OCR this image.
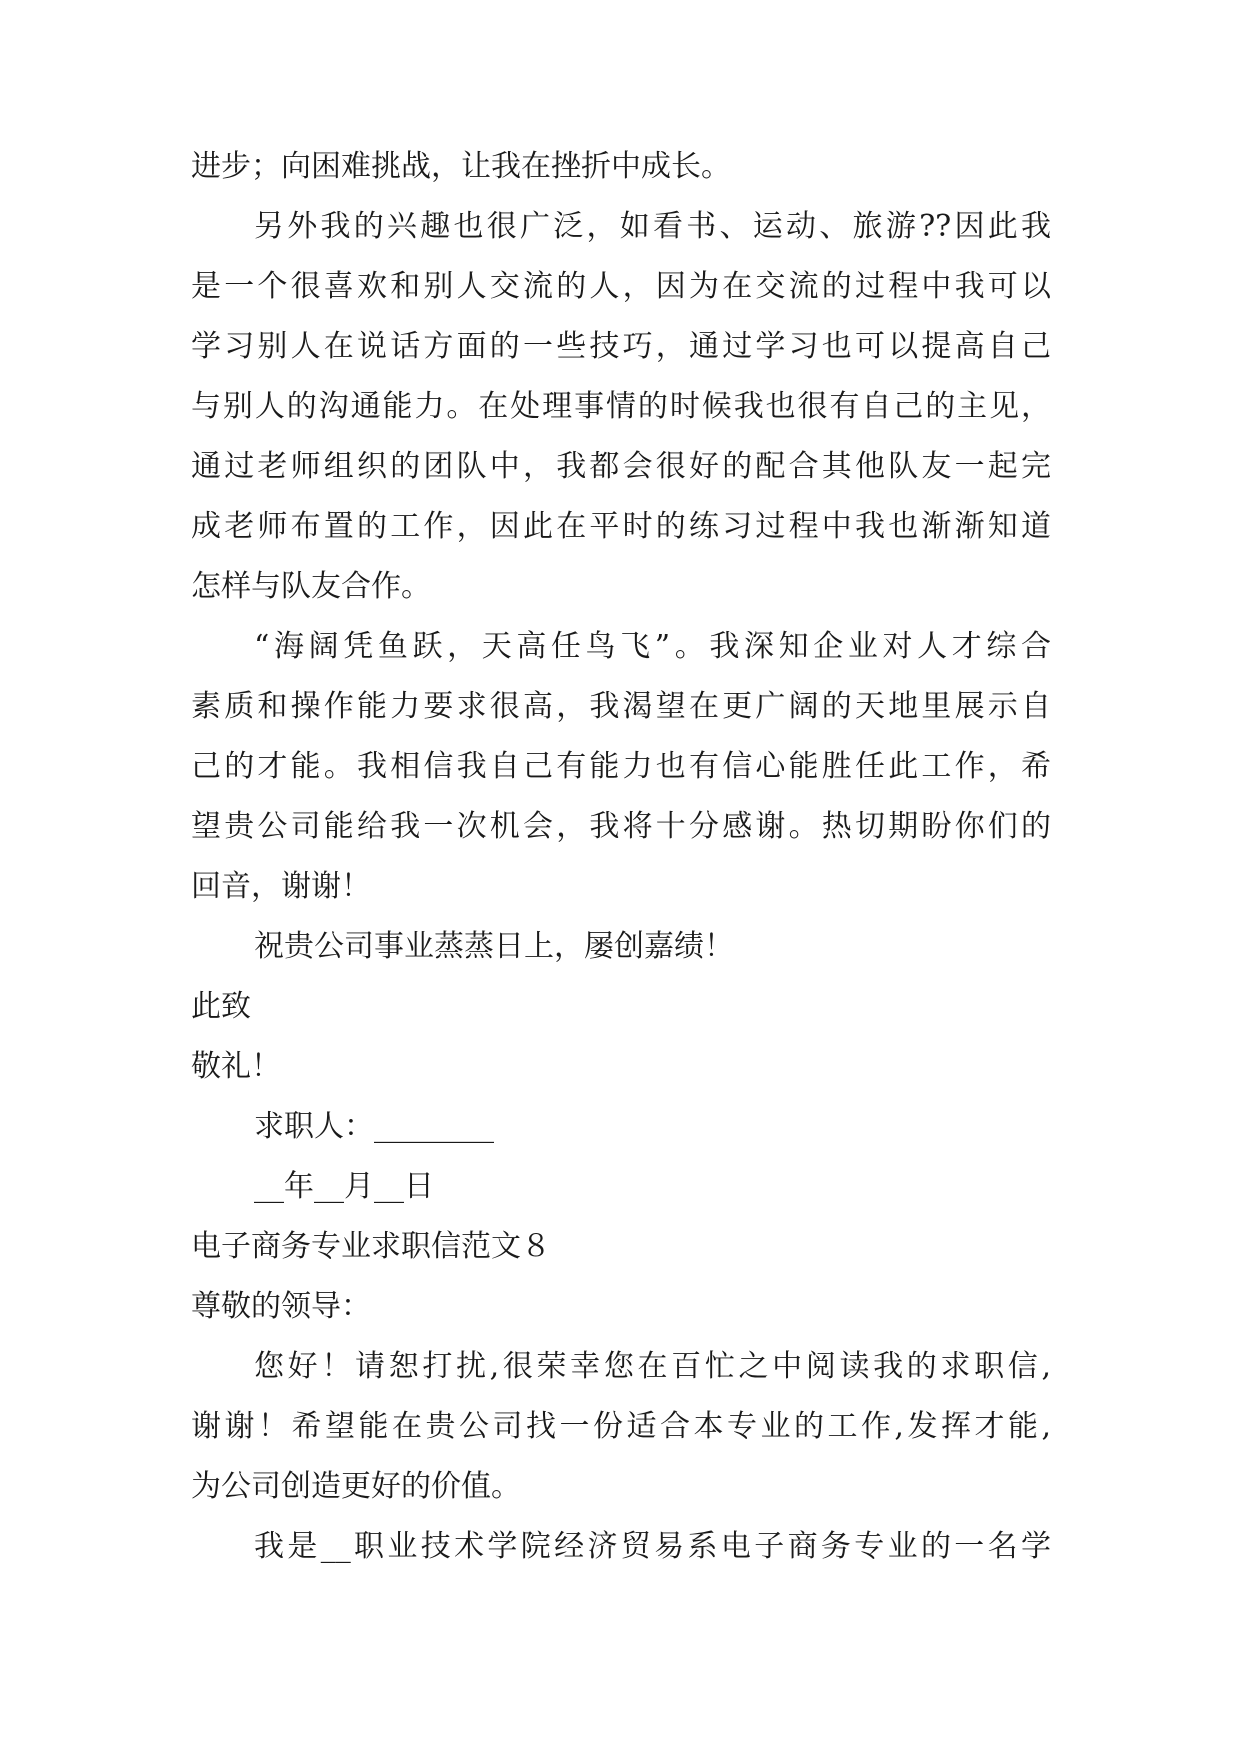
进步；向困难挑战，让我在挫折中成长。
另外我的兴趣也很广泛，如看书、运动、旅游??因此我
是一个很喜欢和别人交流的人，因为在交流的过程中我可以
学习别人在说话方面的一些技巧，通过学习也可以提高自己
与别人的沟通能力。在处理事情的时候我也很有自己的主见，
通过老师组织的团队中，我都会很好的配合其他队友一起完
成老师布置的工作，因此在平时的练习过程中我也渐渐知道
怎样与队友合作。
“海阔凭鱼跃，天高任鸟飞”。我深知企业对人才综合
素质和操作能力要求很高，我渴望在更广阔的天地里展示自
己的才能。我相信我自己有能力也有信心能胜任此工作，希
望贵公司能给我一次机会，我将十分感谢。热切期盼你们的
回音，谢谢！
祝贵公司事业蒸蒸日上，屡创嘉绩！
此致
敬礼！
求职人：________
__年__月__日
电子商务专业求职信范文８
尊敬的领导：
您好！请恕打扰,很荣幸您在百忙之中阅读我的求职信,
谢谢！希望能在贵公司找一份适合本专业的工作,发挥才能,
为公司创造更好的价值。
我是__职业技术学院经济贸易系电子商务专业的一名学
